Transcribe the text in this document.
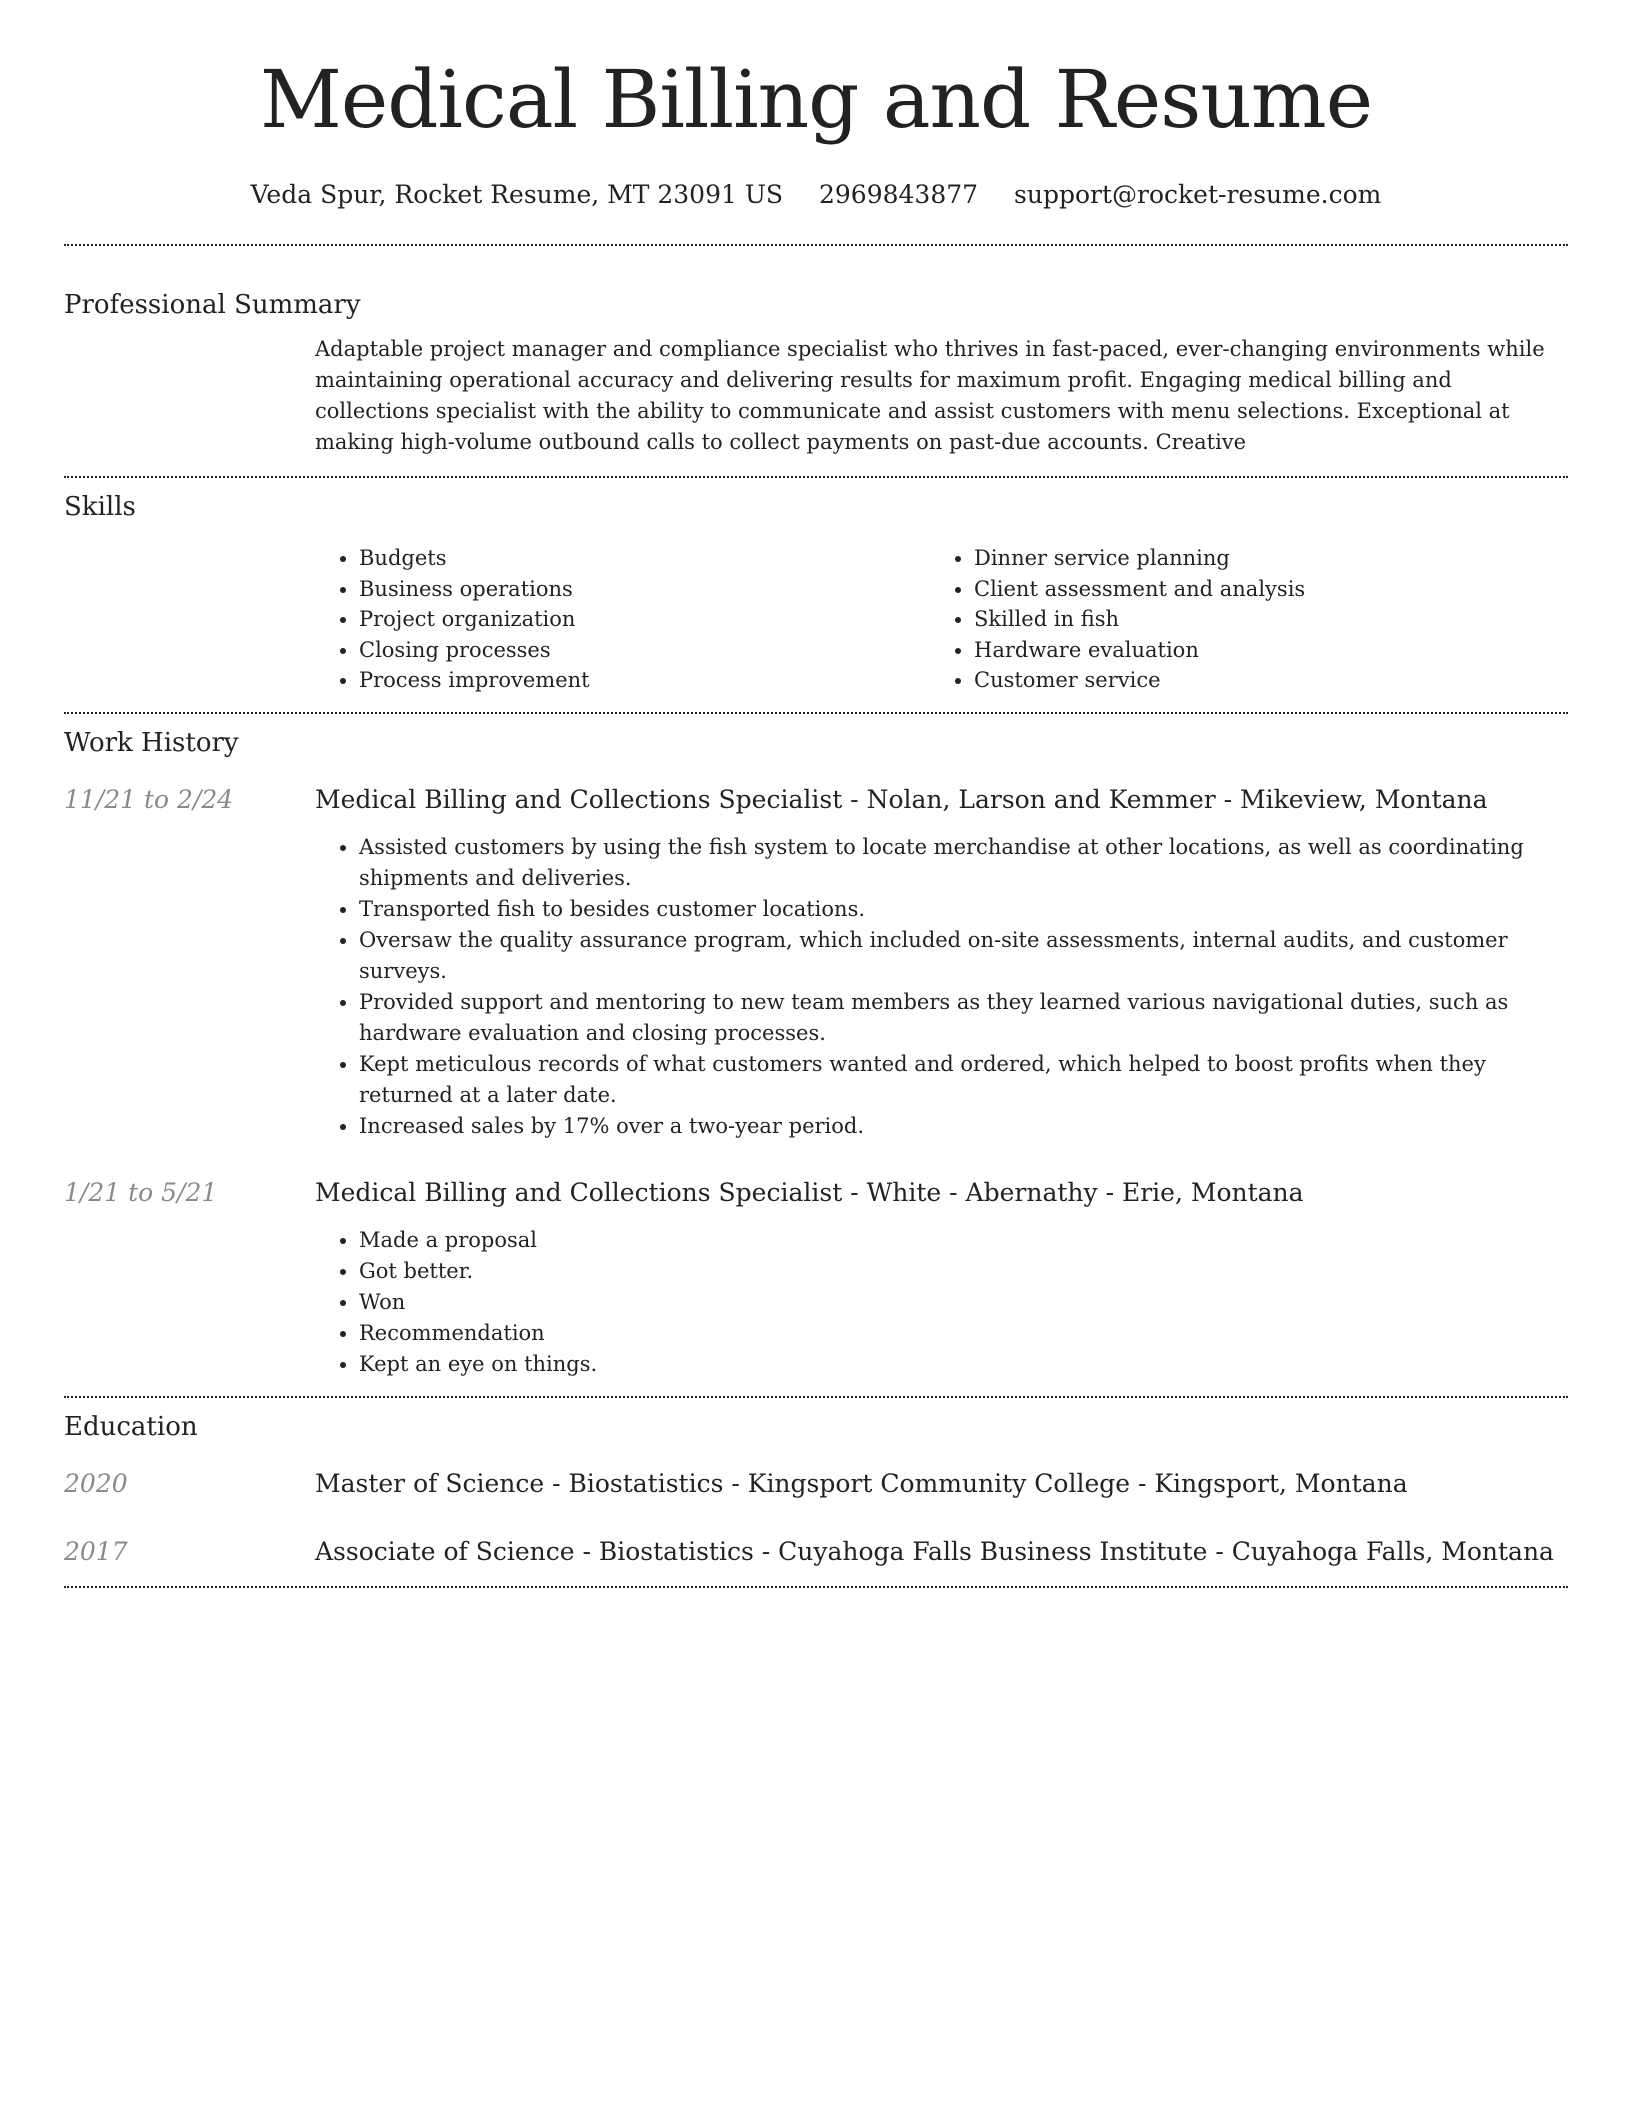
Medical Billing and Resume
Veda Spur, Rocket Resume, MT 23091 US 2969843877 support@rocket-resume.com
Professional Summary

Adaptable project manager and compliance specialist who thrives in fast-paced, ever-changing environments while maintaining operational accuracy and delivering results for maximum profit. Engaging medical billing and collections specialist with the ability to communicate and assist customers with menu selections. Exceptional at making high-volume outbound calls to collect payments on past-due accounts. Creative

Skills
• Budgets
• Business operations
• Project organization
• Closing processes
• Process improvement
• Dinner service planning
• Client assessment and analysis
• Skilled in fish
• Hardware evaluation
• Customer service
Work History
11/21 to 2/24	Medical Billing and Collections Specialist - Nolan, Larson and Kemmer - Mikeview, Montana

• Assisted customers by using the fish system to locate merchandise at other locations, as well as coordinating shipments and deliveries.
• Transported fish to besides customer locations.
• Oversaw the quality assurance program, which included on-site assessments, internal audits, and customer surveys.
• Provided support and mentoring to new team members as they learned various navigational duties, such as hardware evaluation and closing processes.
• Kept meticulous records of what customers wanted and ordered, which helped to boost profits when they returned at a later date.
• Increased sales by 17% over a two-year period.
1/21 to 5/21	Medical Billing and Collections Specialist - White - Abernathy - Erie, Montana

• Made a proposal
• Got better.
• Won
• Recommendation
• Kept an eye on things.
Education
2020	Master of Science - Biostatistics - Kingsport Community College - Kingsport, Montana

2017	Associate of Science - Biostatistics - Cuyahoga Falls Business Institute - Cuyahoga Falls, Montana
